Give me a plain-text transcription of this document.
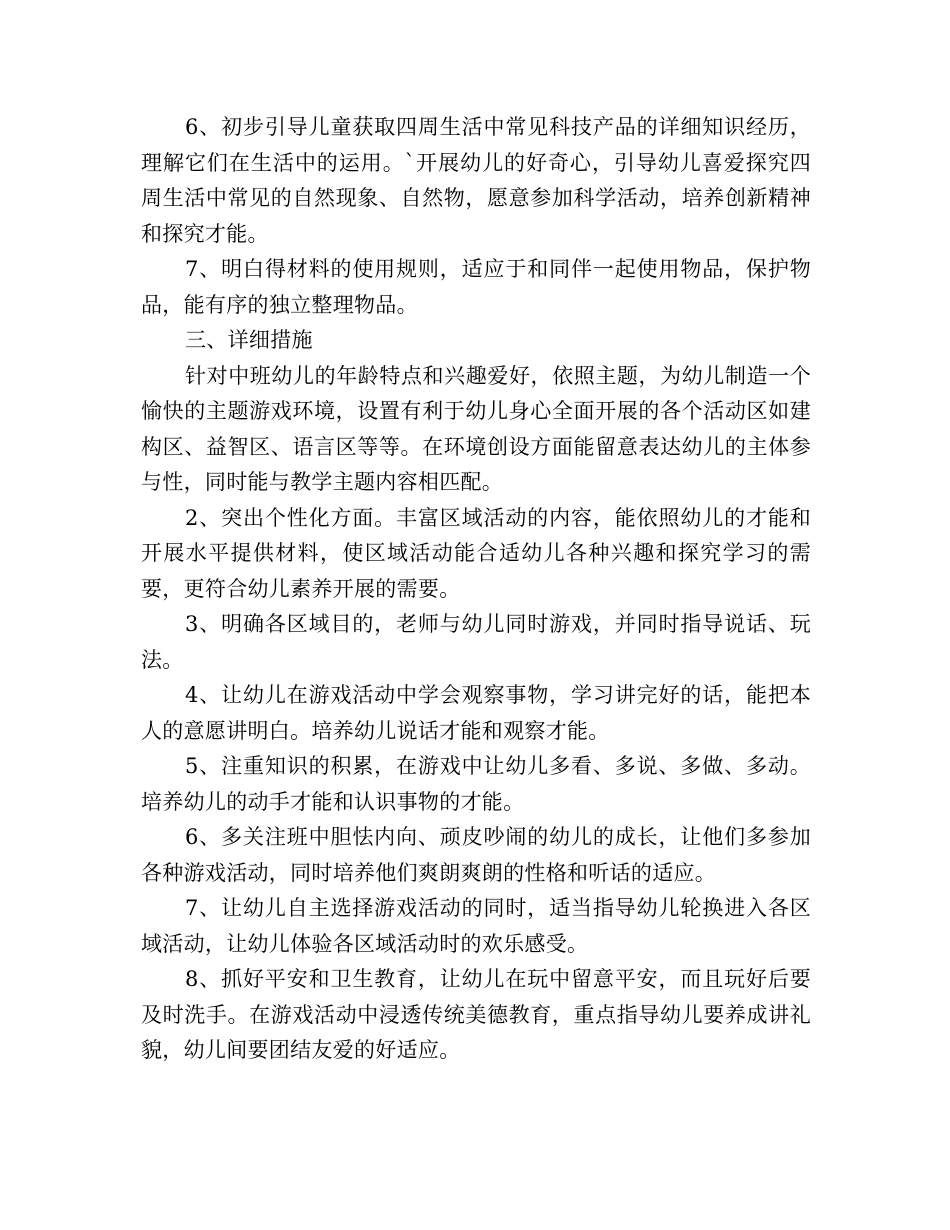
6、初步引导儿童获取四周生活中常见科技产品的详细知识经历，理解它们在生活中的运用。`开展幼儿的好奇心，引导幼儿喜爱探究四周生活中常见的自然现象、自然物，愿意参加科学活动，培养创新精神和探究才能。

7、明白得材料的使用规则，适应于和同伴一起使用物品，保护物品，能有序的独立整理物品。

三、详细措施

针对中班幼儿的年龄特点和兴趣爱好，依照主题，为幼儿制造一个愉快的主题游戏环境，设置有利于幼儿身心全面开展的各个活动区如建构区、益智区、语言区等等。在环境创设方面能留意表达幼儿的主体参与性，同时能与教学主题内容相匹配。

2、突出个性化方面。丰富区域活动的内容，能依照幼儿的才能和开展水平提供材料，使区域活动能合适幼儿各种兴趣和探究学习的需要，更符合幼儿素养开展的需要。

3、明确各区域目的，老师与幼儿同时游戏，并同时指导说话、玩法。

4、让幼儿在游戏活动中学会观察事物，学习讲完好的话，能把本人的意愿讲明白。培养幼儿说话才能和观察才能。

5、注重知识的积累，在游戏中让幼儿多看、多说、多做、多动。培养幼儿的动手才能和认识事物的才能。

6、多关注班中胆怯内向、顽皮吵闹的幼儿的成长，让他们多参加各种游戏活动，同时培养他们爽朗爽朗的性格和听话的适应。

7、让幼儿自主选择游戏活动的同时，适当指导幼儿轮换进入各区域活动，让幼儿体验各区域活动时的欢乐感受。

8、抓好平安和卫生教育，让幼儿在玩中留意平安，而且玩好后要及时洗手。在游戏活动中浸透传统美德教育，重点指导幼儿要养成讲礼貌，幼儿间要团结友爱的好适应。
